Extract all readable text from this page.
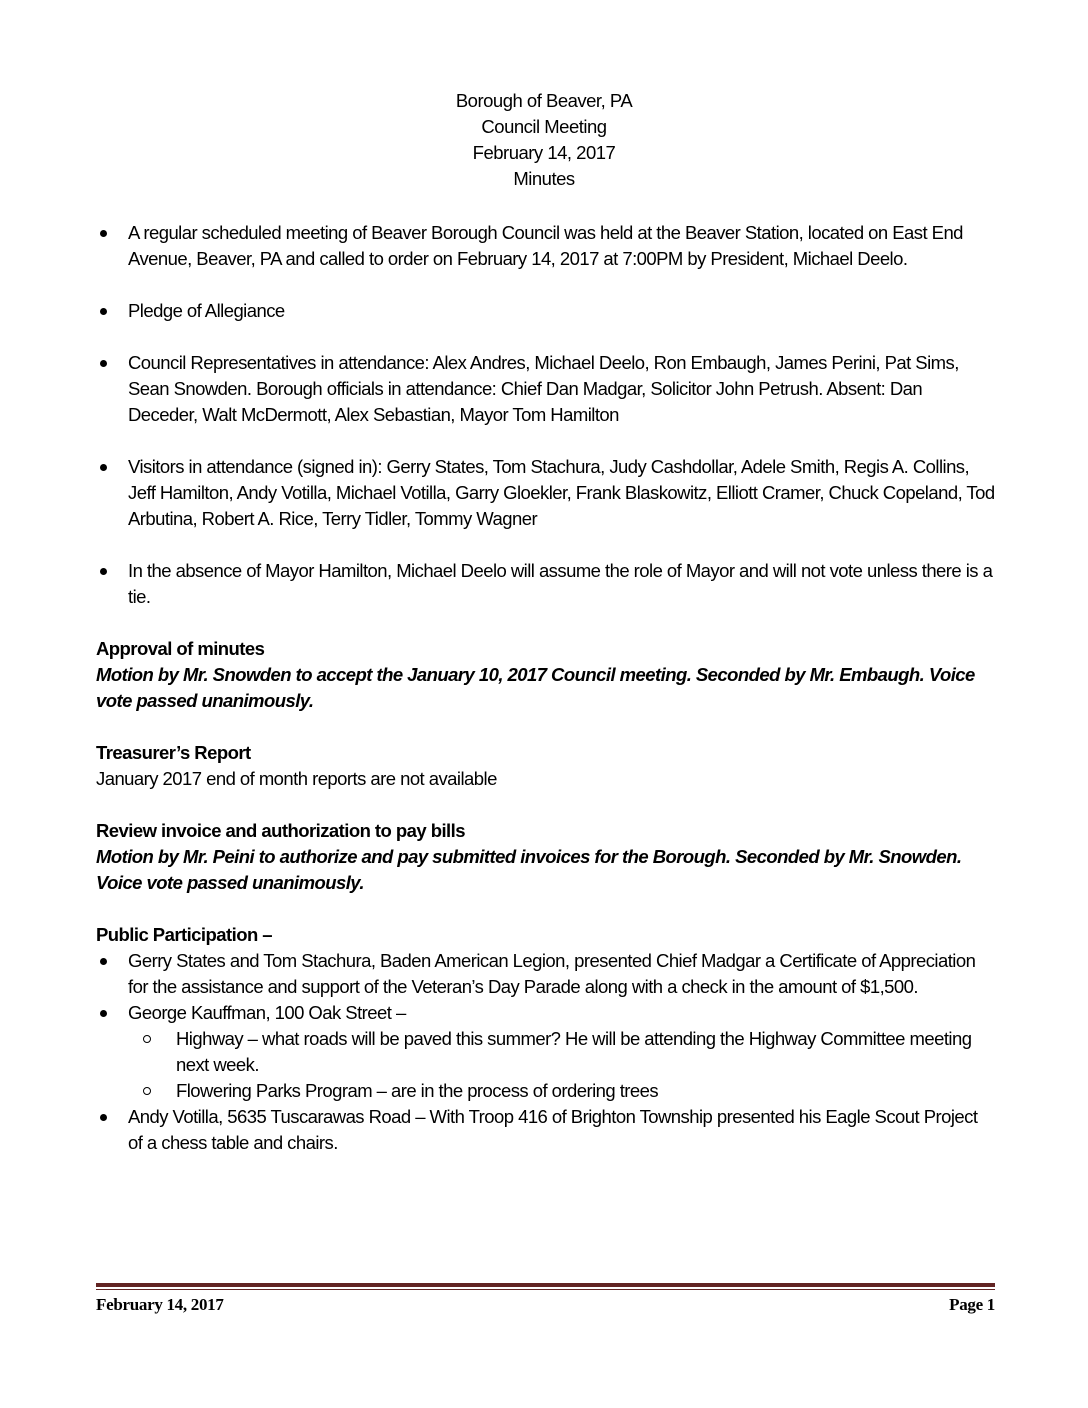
Borough of Beaver, PA
Council Meeting
February 14, 2017
Minutes
A regular scheduled meeting of Beaver Borough Council was held at the Beaver Station, located on East End Avenue, Beaver, PA and called to order on February 14, 2017 at 7:00PM by President, Michael Deelo.
Pledge of Allegiance
Council Representatives in attendance: Alex Andres, Michael Deelo, Ron Embaugh, James Perini, Pat Sims, Sean Snowden. Borough officials in attendance: Chief Dan Madgar, Solicitor John Petrush. Absent: Dan Deceder, Walt McDermott, Alex Sebastian, Mayor Tom Hamilton
Visitors in attendance (signed in): Gerry States, Tom Stachura, Judy Cashdollar, Adele Smith, Regis A. Collins, Jeff Hamilton, Andy Votilla, Michael Votilla, Garry Gloekler, Frank Blaskowitz, Elliott Cramer, Chuck Copeland, Tod Arbutina, Robert A. Rice, Terry Tidler, Tommy Wagner
In the absence of Mayor Hamilton, Michael Deelo will assume the role of Mayor and will not vote unless there is a tie.

Approval of minutes

Motion by Mr. Snowden to accept the January 10, 2017 Council meeting. Seconded by Mr. Embaugh. Voice vote passed unanimously.

Treasurer’s Report

January 2017 end of month reports are not available

Review invoice and authorization to pay bills

Motion by Mr. Peini to authorize and pay submitted invoices for the Borough. Seconded by Mr. Snowden. Voice vote passed unanimously.

Public Participation –

Gerry States and Tom Stachura, Baden American Legion, presented Chief Madgar a Certificate of Appreciation for the assistance and support of the Veteran’s Day Parade along with a check in the amount of $1,500.
George Kauffman, 100 Oak Street –
Highway – what roads will be paved this summer? He will be attending the Highway Committee meeting next week.
Flowering Parks Program – are in the process of ordering trees
Andy Votilla, 5635 Tuscarawas Road – With Troop 416 of Brighton Township presented his Eagle Scout Project of a chess table and chairs.
February 14, 2017	Page 1
